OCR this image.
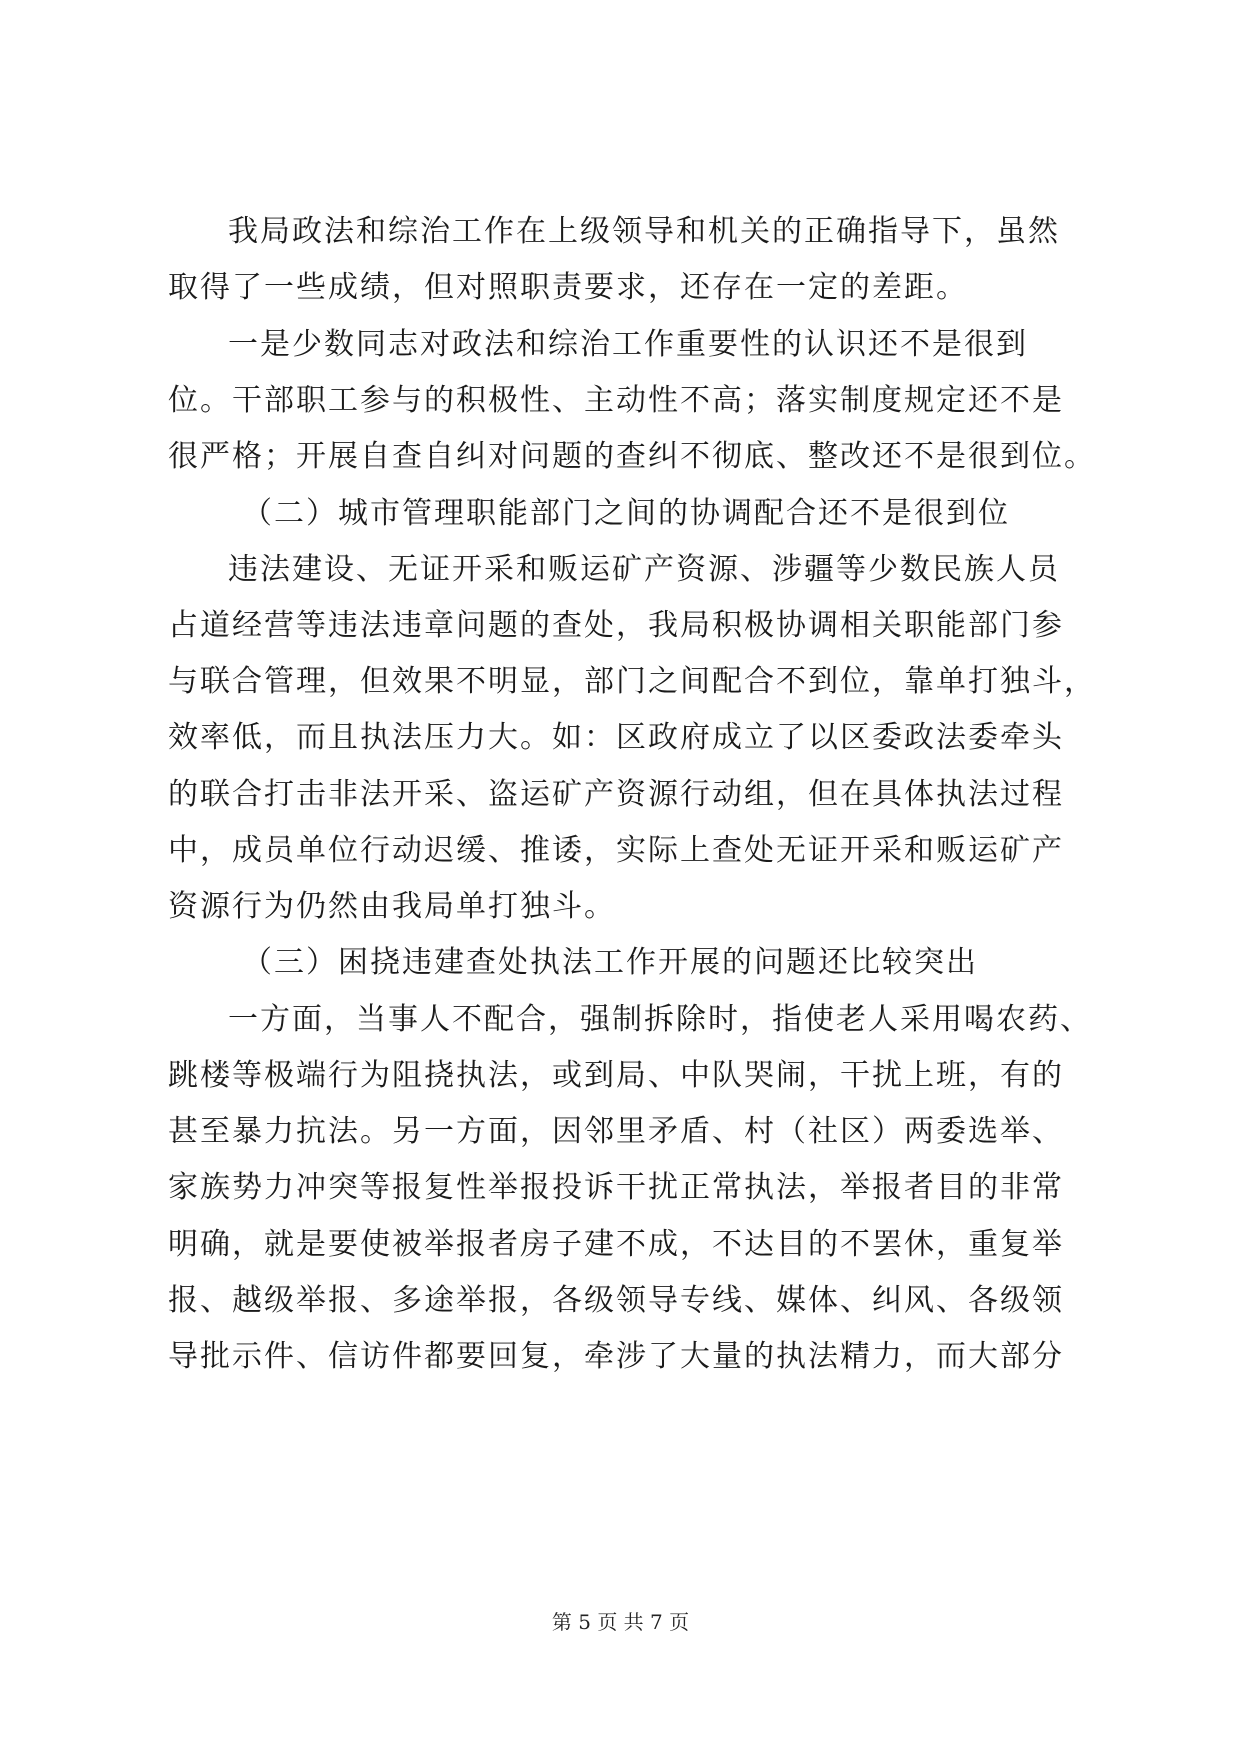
我局政法和综治工作在上级领导和机关的正确指导下，虽然
取得了一些成绩，但对照职责要求，还存在一定的差距。
一是少数同志对政法和综治工作重要性的认识还不是很到
位。干部职工参与的积极性、主动性不高；落实制度规定还不是
很严格；开展自查自纠对问题的查纠不彻底、整改还不是很到位。
（二）城市管理职能部门之间的协调配合还不是很到位
违法建设、无证开采和贩运矿产资源、涉疆等少数民族人员
占道经营等违法违章问题的查处，我局积极协调相关职能部门参
与联合管理，但效果不明显，部门之间配合不到位，靠单打独斗，
效率低，而且执法压力大。如：区政府成立了以区委政法委牵头
的联合打击非法开采、盗运矿产资源行动组，但在具体执法过程
中，成员单位行动迟缓、推诿，实际上查处无证开采和贩运矿产
资源行为仍然由我局单打独斗。
（三）困挠违建查处执法工作开展的问题还比较突出
一方面，当事人不配合，强制拆除时，指使老人采用喝农药、
跳楼等极端行为阻挠执法，或到局、中队哭闹，干扰上班，有的
甚至暴力抗法。另一方面，因邻里矛盾、村（社区）两委选举、
家族势力冲突等报复性举报投诉干扰正常执法，举报者目的非常
明确，就是要使被举报者房子建不成，不达目的不罢休，重复举
报、越级举报、多途举报，各级领导专线、媒体、纠风、各级领
导批示件、信访件都要回复，牵涉了大量的执法精力，而大部分
第 5 页 共 7 页
